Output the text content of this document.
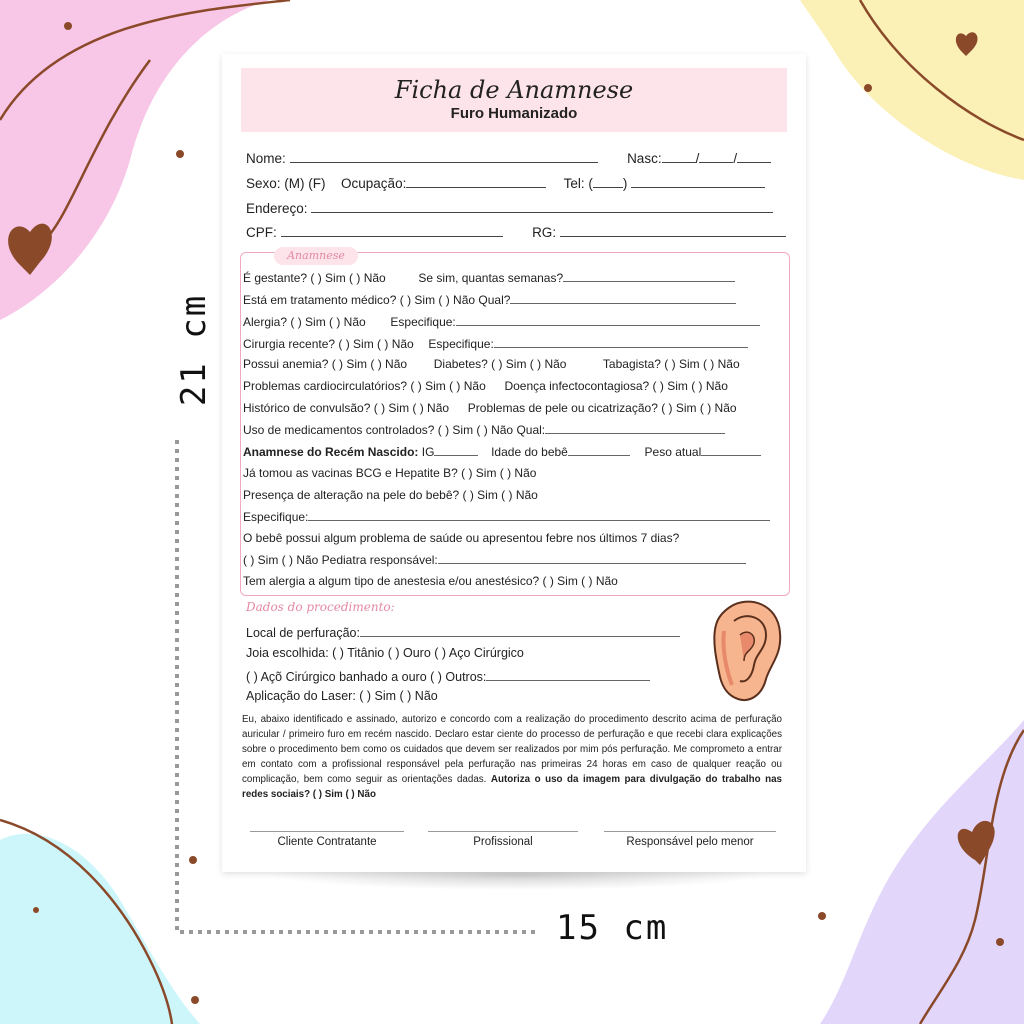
21 cm
15 cm
Ficha de Anamnese
Furo Humanizado
Nome:	Nasc:	/	/
Sexo: (M) (F) Ocupação:	Tel: ( )
Endereço:
CPF:	RG:
Anamnese
É gestante? ( ) Sim ( ) Não	Se sim, quantas semanas?
Está em tratamento médico? ( ) Sim ( ) Não Qual?
Alergia? ( ) Sim ( ) Não Especifique:
Cirurgia recente? ( ) Sim ( ) Não Especifique:
Possui anemia? ( ) Sim ( ) Não Diabetes? ( ) Sim ( ) Não	Tabagista? ( ) Sim ( ) Não
Problemas cardiocirculatórios? ( ) Sim ( ) Não Doença infectocontagiosa? ( ) Sim ( ) Não
Histórico de convulsão? ( ) Sim ( ) Não Problemas de pele ou cicatrização? ( ) Sim ( ) Não
Uso de medicamentos controlados? ( ) Sim ( ) Não Qual:
Anamnese do Recém Nascido: IG	Idade do bebê	Peso atual
Já tomou as vacinas BCG e Hepatite B? ( ) Sim ( ) Não
Presença de alteração na pele do bebê? ( ) Sim ( ) Não
Especifique:
O bebê possui algum problema de saúde ou apresentou febre nos últimos 7 dias?
( ) Sim ( ) Não Pediatra responsável:
Tem alergia a algum tipo de anestesia e/ou anestésico? ( ) Sim ( ) Não
Dados do procedimento:
Local de perfuração:
Joia escolhida: ( ) Titânio ( ) Ouro ( ) Aço Cirúrgico
( ) Açõ Cirúrgico banhado a ouro ( ) Outros:
Aplicação do Laser: ( ) Sim ( ) Não
Eu, abaixo identificado e assinado, autorizo e concordo com a realização do procedimento descrito acima de perfuração auricular / primeiro furo em recém nascido. Declaro estar ciente do processo de perfuração e que recebi clara explicações sobre o procedimento bem como os cuidados que devem ser realizados por mim pós perfuração. Me comprometo a entrar em contato com a profissional responsável pela perfuração nas primeiras 24 horas em caso de qualquer reação ou complicação, bem como seguir as orientações dadas. Autoriza o uso da imagem para divulgação do trabalho nas redes sociais? ( ) Sim ( ) Não
Cliente Contratante	Profissional	Responsável pelo menor
